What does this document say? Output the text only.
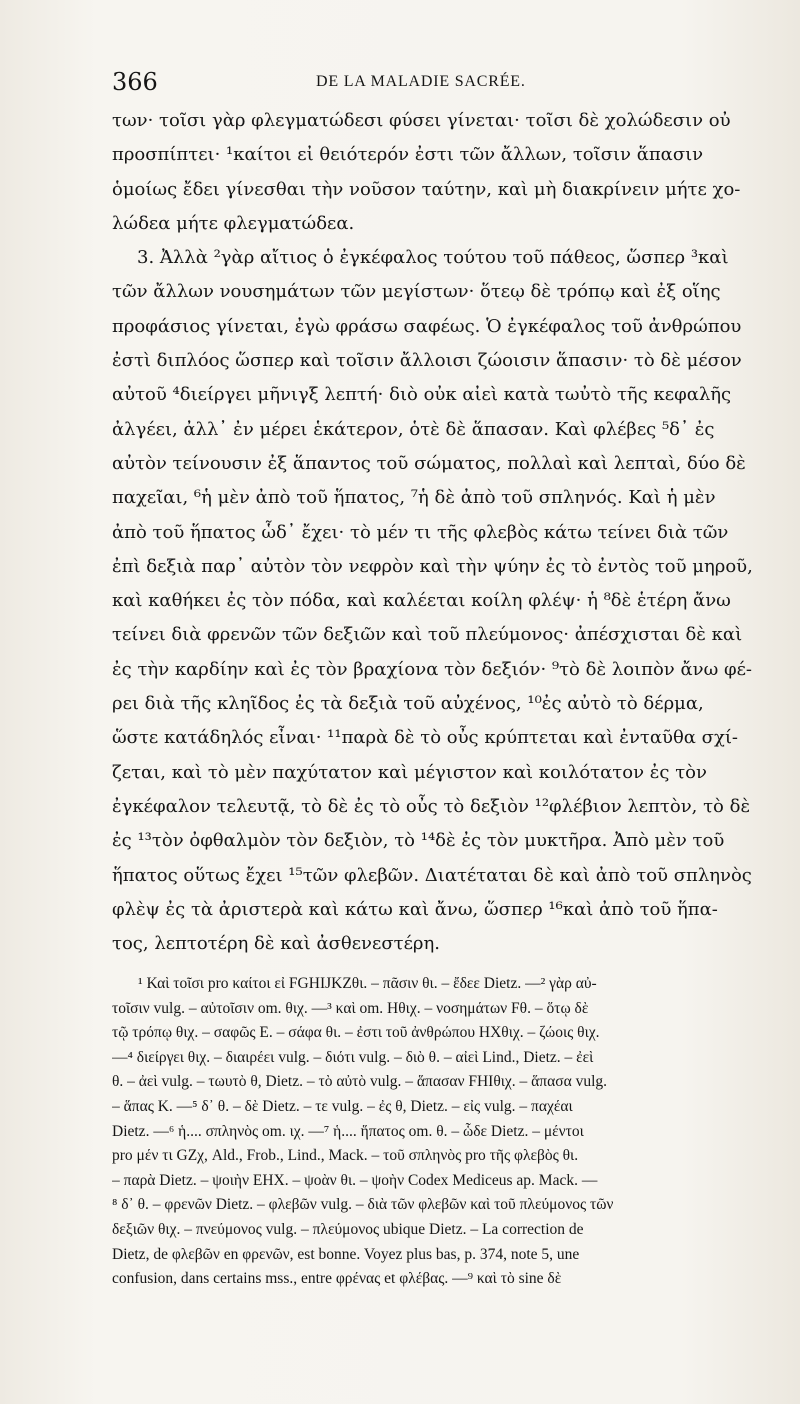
366	DE LA MALADIE SACRÉE.
των· τοῖσι γὰρ φλεγματώδεσι φύσει γίνεται· τοῖσι δὲ χολώδεσιν οὐ
προσπίπτει· ¹καίτοι εἰ θειότερόν ἐστι τῶν ἄλλων, τοῖσιν ἅπασιν
ὁμοίως ἔδει γίνεσθαι τὴν νοῦσον ταύτην, καὶ μὴ διακρίνειν μήτε χο-
λώδεα μήτε φλεγματώδεα.
3. Ἀλλὰ ²γὰρ αἴτιος ὁ ἐγκέφαλος τούτου τοῦ πάθεος, ὥσπερ ³καὶ
τῶν ἄλλων νουσημάτων τῶν μεγίστων· ὅτεῳ δὲ τρόπῳ καὶ ἐξ οἵης
προφάσιος γίνεται, ἐγὼ φράσω σαφέως. Ὁ ἐγκέφαλος τοῦ ἀνθρώπου
ἐστὶ διπλόος ὥσπερ καὶ τοῖσιν ἄλλοισι ζώοισιν ἅπασιν· τὸ δὲ μέσον
αὐτοῦ ⁴διείργει μῆνιγξ λεπτή· διὸ οὐκ αἰεὶ κατὰ τωὐτὸ τῆς κεφαλῆς
ἀλγέει, ἀλλ᾽ ἐν μέρει ἑκάτερον, ὁτὲ δὲ ἅπασαν. Καὶ φλέβες ⁵δ᾽ ἐς
αὐτὸν τείνουσιν ἐξ ἅπαντος τοῦ σώματος, πολλαὶ καὶ λεπταὶ, δύο δὲ
παχεῖαι, ⁶ἡ μὲν ἀπὸ τοῦ ἥπατος, ⁷ἡ δὲ ἀπὸ τοῦ σπληνός. Καὶ ἡ μὲν
ἀπὸ τοῦ ἥπατος ὧδ᾽ ἔχει· τὸ μέν τι τῆς φλεβὸς κάτω τείνει διὰ τῶν
ἐπὶ δεξιὰ παρ᾽ αὐτὸν τὸν νεφρὸν καὶ τὴν ψύην ἐς τὸ ἐντὸς τοῦ μηροῦ,
καὶ καθήκει ἐς τὸν πόδα, καὶ καλέεται κοίλη φλέψ· ἡ ⁸δὲ ἑτέρη ἄνω
τείνει διὰ φρενῶν τῶν δεξιῶν καὶ τοῦ πλεύμονος· ἀπέσχισται δὲ καὶ
ἐς τὴν καρδίην καὶ ἐς τὸν βραχίονα τὸν δεξιόν· ⁹τὸ δὲ λοιπὸν ἄνω φέ-
ρει διὰ τῆς κληῖδος ἐς τὰ δεξιὰ τοῦ αὐχένος, ¹⁰ἐς αὐτὸ τὸ δέρμα,
ὥστε κατάδηλός εἶναι· ¹¹παρὰ δὲ τὸ οὖς κρύπτεται καὶ ἐνταῦθα σχί-
ζεται, καὶ τὸ μὲν παχύτατον καὶ μέγιστον καὶ κοιλότατον ἐς τὸν
ἐγκέφαλον τελευτᾷ, τὸ δὲ ἐς τὸ οὖς τὸ δεξιὸν ¹²φλέβιον λεπτὸν, τὸ δὲ
ἐς ¹³τὸν ὀφθαλμὸν τὸν δεξιὸν, τὸ ¹⁴δὲ ἐς τὸν μυκτῆρα. Ἀπὸ μὲν τοῦ
ἥπατος οὕτως ἔχει ¹⁵τῶν φλεβῶν. Διατέταται δὲ καὶ ἀπὸ τοῦ σπληνὸς
φλὲψ ἐς τὰ ἀριστερὰ καὶ κάτω καὶ ἄνω, ὥσπερ ¹⁶καὶ ἀπὸ τοῦ ἥπα-
τος, λεπτοτέρη δὲ καὶ ἀσθενεστέρη.
¹ Καὶ τοῖσι pro καίτοι εἰ FGHIJKZθι. – πᾶσιν θι. – ἔδεε Dietz. —² γὰρ αὐ-
τοῖσιν vulg. – αὐτοῖσιν om. θιχ. —³ καὶ om. Hθιχ. – νοσημάτων Fθ. – ὅτῳ δὲ
τῷ τρόπῳ θιχ. – σαφῶς E. – σάφα θι. – ἐστι τοῦ ἀνθρώπου HXθιχ. – ζώοις θιχ.
—⁴ διείργει θιχ. – διαιρέει vulg. – διότι vulg. – διὸ θ. – αἰεὶ Lind., Dietz. – ἐεὶ
θ. – ἀεὶ vulg. – τωυτὸ θ, Dietz. – τὸ αὐτὸ vulg. – ἅπασαν FHIθιχ. – ἅπασα vulg.
– ἅπας K. —⁵ δ᾽ θ. – δὲ Dietz. – τε vulg. – ἐς θ, Dietz. – εἰς vulg. – παχέαι
Dietz. —⁶ ἡ.... σπληνὸς om. ιχ. —⁷ ἡ.... ἥπατος om. θ. – ὧδε Dietz. – μέντοι
pro μέν τι GZχ, Ald., Frob., Lind., Mack. – τοῦ σπληνὸς pro τῆς φλεβὸς θι.
– παρὰ Dietz. – ψοιὴν EHX. – ψοὰν θι. – ψοὴν Codex Mediceus ap. Mack. —
⁸ δ᾽ θ. – φρενῶν Dietz. – φλεβῶν vulg. – διὰ τῶν φλεβῶν καὶ τοῦ πλεύμονος τῶν
δεξιῶν θιχ. – πνεύμονος vulg. – πλεύμονος ubique Dietz. – La correction de
Dietz, de φλεβῶν en φρενῶν, est bonne. Voyez plus bas, p. 374, note 5, une
confusion, dans certains mss., entre φρένας et φλέβας. —⁹ καὶ τὸ sine δὲ
